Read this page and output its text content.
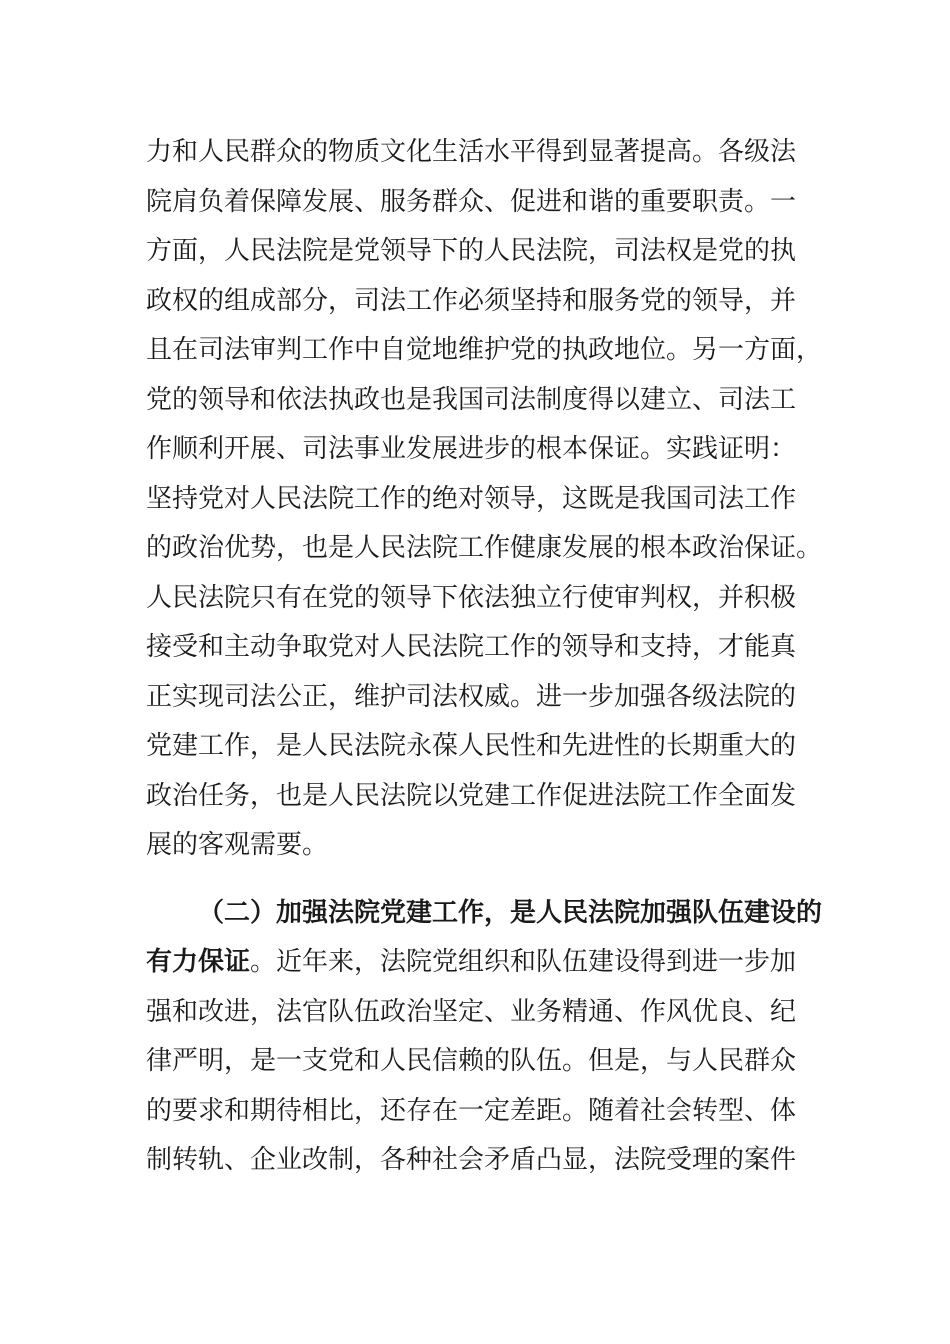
力和人民群众的物质文化生活水平得到显著提高。各级法
院肩负着保障发展、服务群众、促进和谐的重要职责。一
方面，人民法院是党领导下的人民法院，司法权是党的执
政权的组成部分，司法工作必须坚持和服务党的领导，并
且在司法审判工作中自觉地维护党的执政地位。另一方面，
党的领导和依法执政也是我国司法制度得以建立、司法工
作顺利开展、司法事业发展进步的根本保证。实践证明：
坚持党对人民法院工作的绝对领导，这既是我国司法工作
的政治优势，也是人民法院工作健康发展的根本政治保证。
人民法院只有在党的领导下依法独立行使审判权，并积极
接受和主动争取党对人民法院工作的领导和支持，才能真
正实现司法公正，维护司法权威。进一步加强各级法院的
党建工作，是人民法院永葆人民性和先进性的长期重大的
政治任务，也是人民法院以党建工作促进法院工作全面发
展的客观需要。
（二）加强法院党建工作，是人民法院加强队伍建设的
有力保证。近年来，法院党组织和队伍建设得到进一步加
强和改进，法官队伍政治坚定、业务精通、作风优良、纪
律严明，是一支党和人民信赖的队伍。但是，与人民群众
的要求和期待相比，还存在一定差距。随着社会转型、体
制转轨、企业改制，各种社会矛盾凸显，法院受理的案件
